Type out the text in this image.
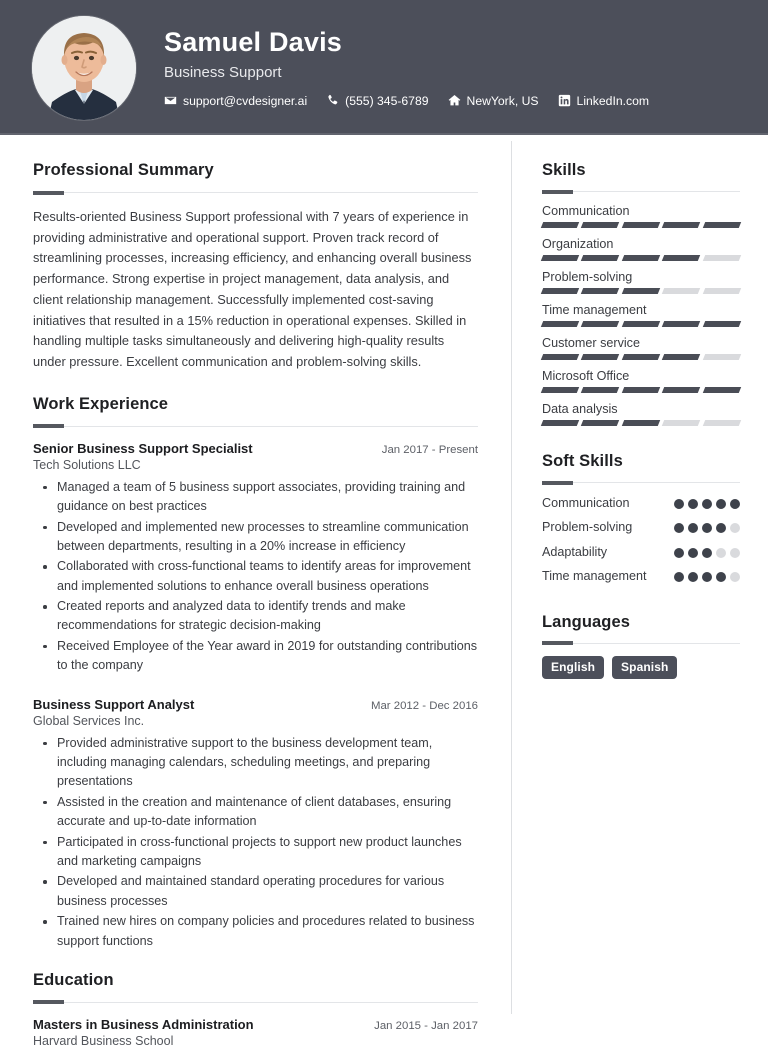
Samuel Davis
Business Support
support@cvdesigner.ai	(555) 345-6789	NewYork, US	LinkedIn.com
Professional Summary
Results-oriented Business Support professional with 7 years of experience in providing administrative and operational support. Proven track record of streamlining processes, increasing efficiency, and enhancing overall business performance. Strong expertise in project management, data analysis, and client relationship management. Successfully implemented cost-saving initiatives that resulted in a 15% reduction in operational expenses. Skilled in handling multiple tasks simultaneously and delivering high-quality results under pressure. Excellent communication and problem-solving skills.
Work Experience
Senior Business Support Specialist	Jan 2017 - Present
Tech Solutions LLC
Managed a team of 5 business support associates, providing training and guidance on best practices
Developed and implemented new processes to streamline communication between departments, resulting in a 20% increase in efficiency
Collaborated with cross-functional teams to identify areas for improvement and implemented solutions to enhance overall business operations
Created reports and analyzed data to identify trends and make recommendations for strategic decision-making
Received Employee of the Year award in 2019 for outstanding contributions to the company
Business Support Analyst	Mar 2012 - Dec 2016
Global Services Inc.
Provided administrative support to the business development team, including managing calendars, scheduling meetings, and preparing presentations
Assisted in the creation and maintenance of client databases, ensuring accurate and up-to-date information
Participated in cross-functional projects to support new product launches and marketing campaigns
Developed and maintained standard operating procedures for various business processes
Trained new hires on company policies and procedures related to business support functions
Education
Masters in Business Administration	Jan 2015 - Jan 2017
Harvard Business School
Skills
Communication
Organization
Problem-solving
Time management
Customer service
Microsoft Office
Data analysis
Soft Skills
Communication
Problem-solving
Adaptability
Time management
Languages
English	Spanish
